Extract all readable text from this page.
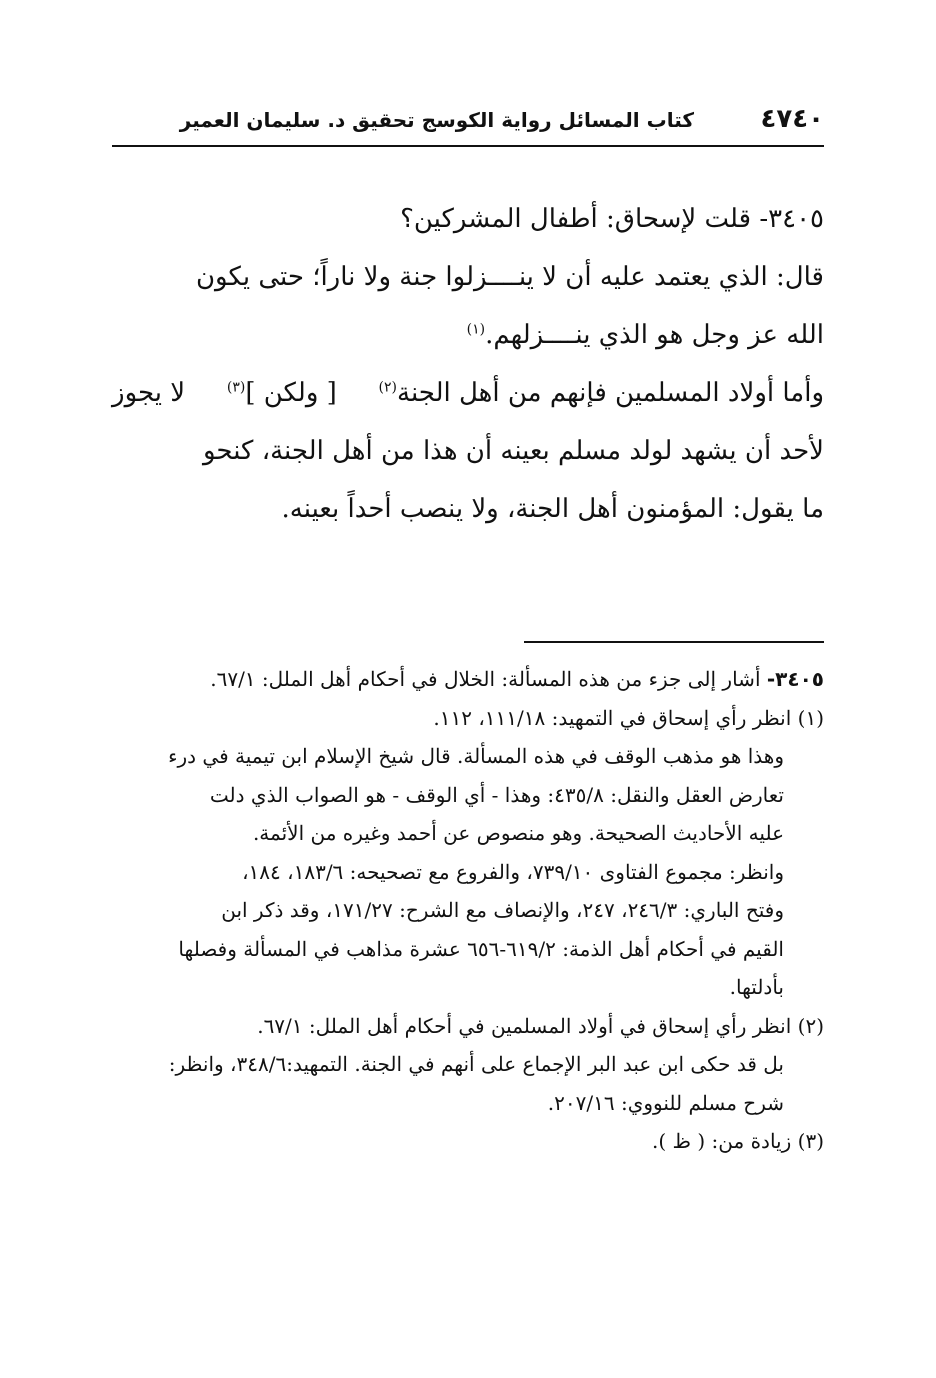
٤٧٤٠
كتاب المسائل رواية الكوسج تحقيق د. سليمان العمير
٣٤٠٥- قلت لإسحاق: أطفال المشركين؟
قال: الذي يعتمد عليه أن لا ينــــزلوا جنة ولا ناراً؛ حتى يكون
الله عز وجل هو الذي ينــــزلهم.$^{(١)}$
وأما أولاد المسلمين فإنهم من أهل الجنة$^{(٢)}$
[ ولكن ]$^{(٣)}$
لا يجوز
لأحد أن يشهد لولد مسلم بعينه أن هذا من أهل الجنة، كنحو
ما يقول: المؤمنون أهل الجنة، ولا ينصب أحداً بعينه.
٣٤٠٥- أشار إلى جزء من هذه المسألة: الخلال في أحكام أهل الملل: ٦٧/١.
(١) انظر رأي إسحاق في التمهيد: ١١١/١٨، ١١٢.
وهذا هو مذهب الوقف في هذه المسألة. قال شيخ الإسلام ابن تيمية في درء
تعارض العقل والنقل: ٤٣٥/٨: وهذا - أي الوقف - هو الصواب الذي دلت
عليه الأحاديث الصحيحة. وهو منصوص عن أحمد وغيره من الأئمة.
وانظر: مجموع الفتاوى ٧٣٩/١٠، والفروع مع تصحيحه: ١٨٣/٦، ١٨٤،
وفتح الباري: ٢٤٦/٣، ٢٤٧، والإنصاف مع الشرح: ١٧١/٢٧، وقد ذكر ابن
القيم في أحكام أهل الذمة: ٦١٩/٢-٦٥٦ عشرة مذاهب في المسألة وفصلها
بأدلتها.
(٢) انظر رأي إسحاق في أولاد المسلمين في أحكام أهل الملل: ٦٧/١.
بل قد حكى ابن عبد البر الإجماع على أنهم في الجنة. التمهيد:٣٤٨/٦، وانظر:
شرح مسلم للنووي: ٢٠٧/١٦.
(٣) زيادة من: ( ظ ).
